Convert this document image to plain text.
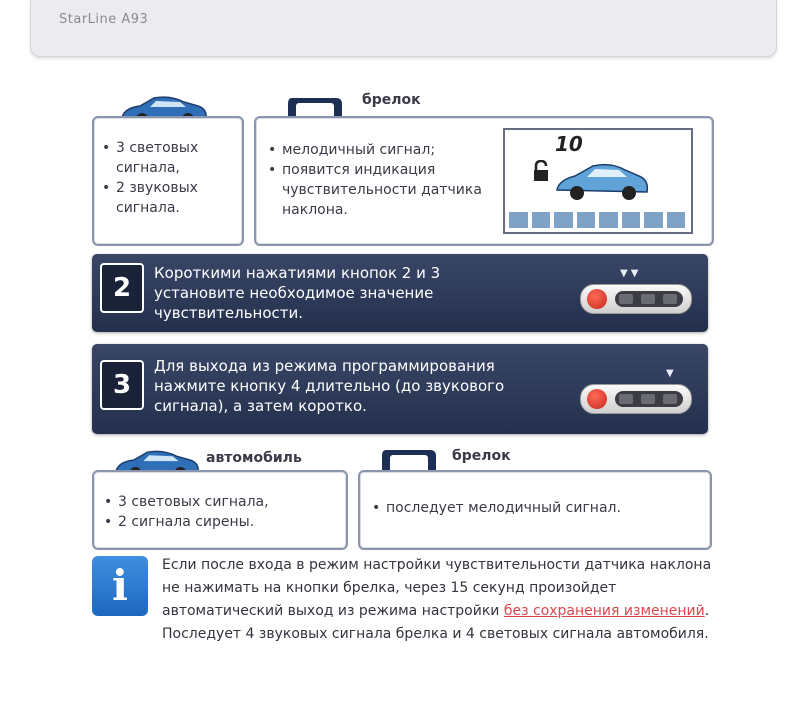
StarLine A93
• 3 световых сигнала,
• 2 звуковых сигнала.
брелок
• мелодичный сигнал;
• появится индикация чувствительности датчика наклона.
10
2	Короткими нажатиями кнопок 2 и 3 установите необходимое значение чувствительности.
▼▼
3
Для выхода из режима программирования нажмите кнопку 4 длительно (до звукового сигнала), а затем коротко.
▼
автомобиль
• 3 световых сигнала,
• 2 сигнала сирены.
брелок
• последует мелодичный сигнал.
i	Если после входа в режим настройки чувствительности датчика наклона не нажимать на кнопки брелка, через 15 секунд произойдет автоматический выход из режима настройки без сохранения изменений. Последует 4 звуковых сигнала брелка и 4 световых сигнала автомобиля.
